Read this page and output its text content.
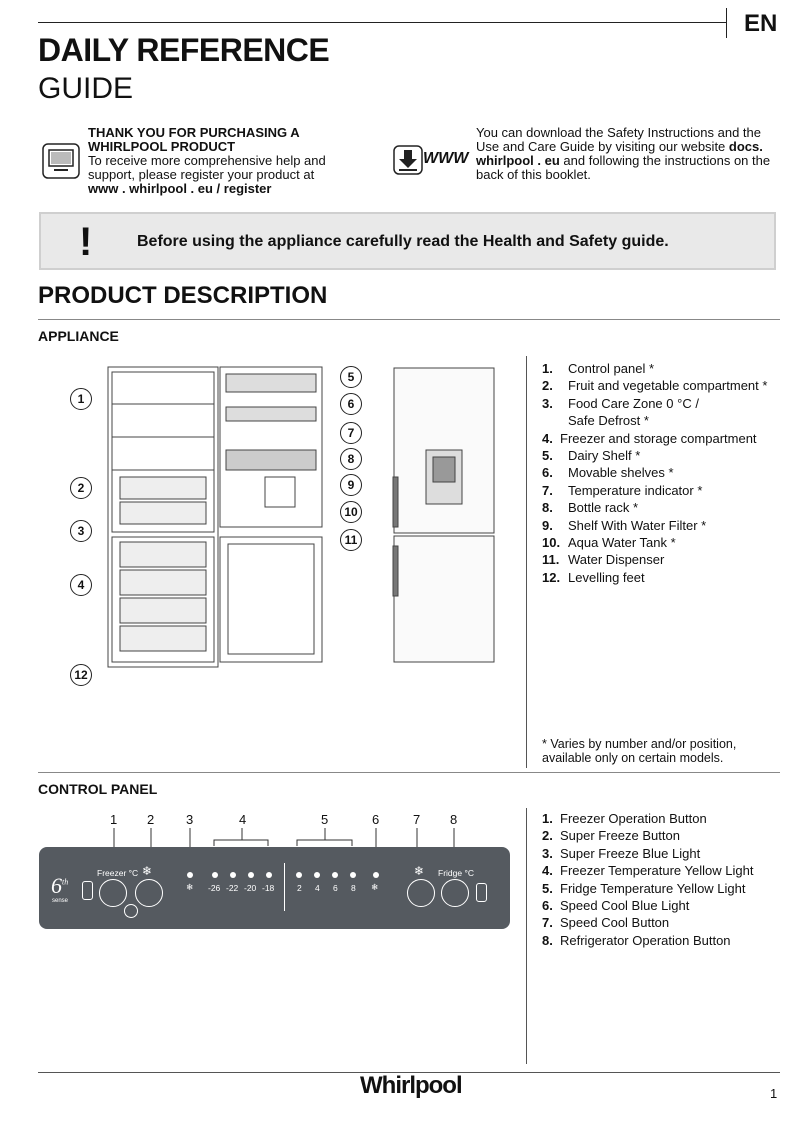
EN
DAILY REFERENCE
GUIDE
THANK YOU FOR PURCHASING A WHIRLPOOL PRODUCT
To receive more comprehensive help and support, please register your product at

www . whirlpool . eu / register
WWW
You can download the Safety Instructions and the Use and Care Guide by visiting our website docs. whirlpool . eu and following the instructions on the back of this booklet.
!	Before using the appliance carefully read the Health and Safety guide.
PRODUCT DESCRIPTION
APPLIANCE
1
2
3
4
5
6
7
8
9
10
11
12
1. Control panel *
2. Fruit and vegetable compartment *
3. Food Care Zone 0 °C /
Safe Defrost *
4. Freezer and storage compartment
5. Dairy Shelf *
6. Movable shelves *
7. Temperature indicator *
8. Bottle rack *
9. Shelf With Water Filter *
10. Aqua Water Tank *
11. Water Dispenser
12. Levelling feet
* Varies by number and/or position,
available only on certain models.
CONTROL PANEL
1 2 3	4	5	6	7 8
6th
sense
Freezer °C ❄
❄ -26 -22 -20 -18	2 4 6 8 ❄
❄ Fridge °C
1. Freezer Operation Button
2. Super Freeze Button
3. Super Freeze Blue Light
4. Freezer Temperature Yellow Light
5. Fridge Temperature Yellow Light
6. Speed Cool Blue Light
7. Speed Cool Button
8. Refrigerator Operation Button
Whirlpool	1
